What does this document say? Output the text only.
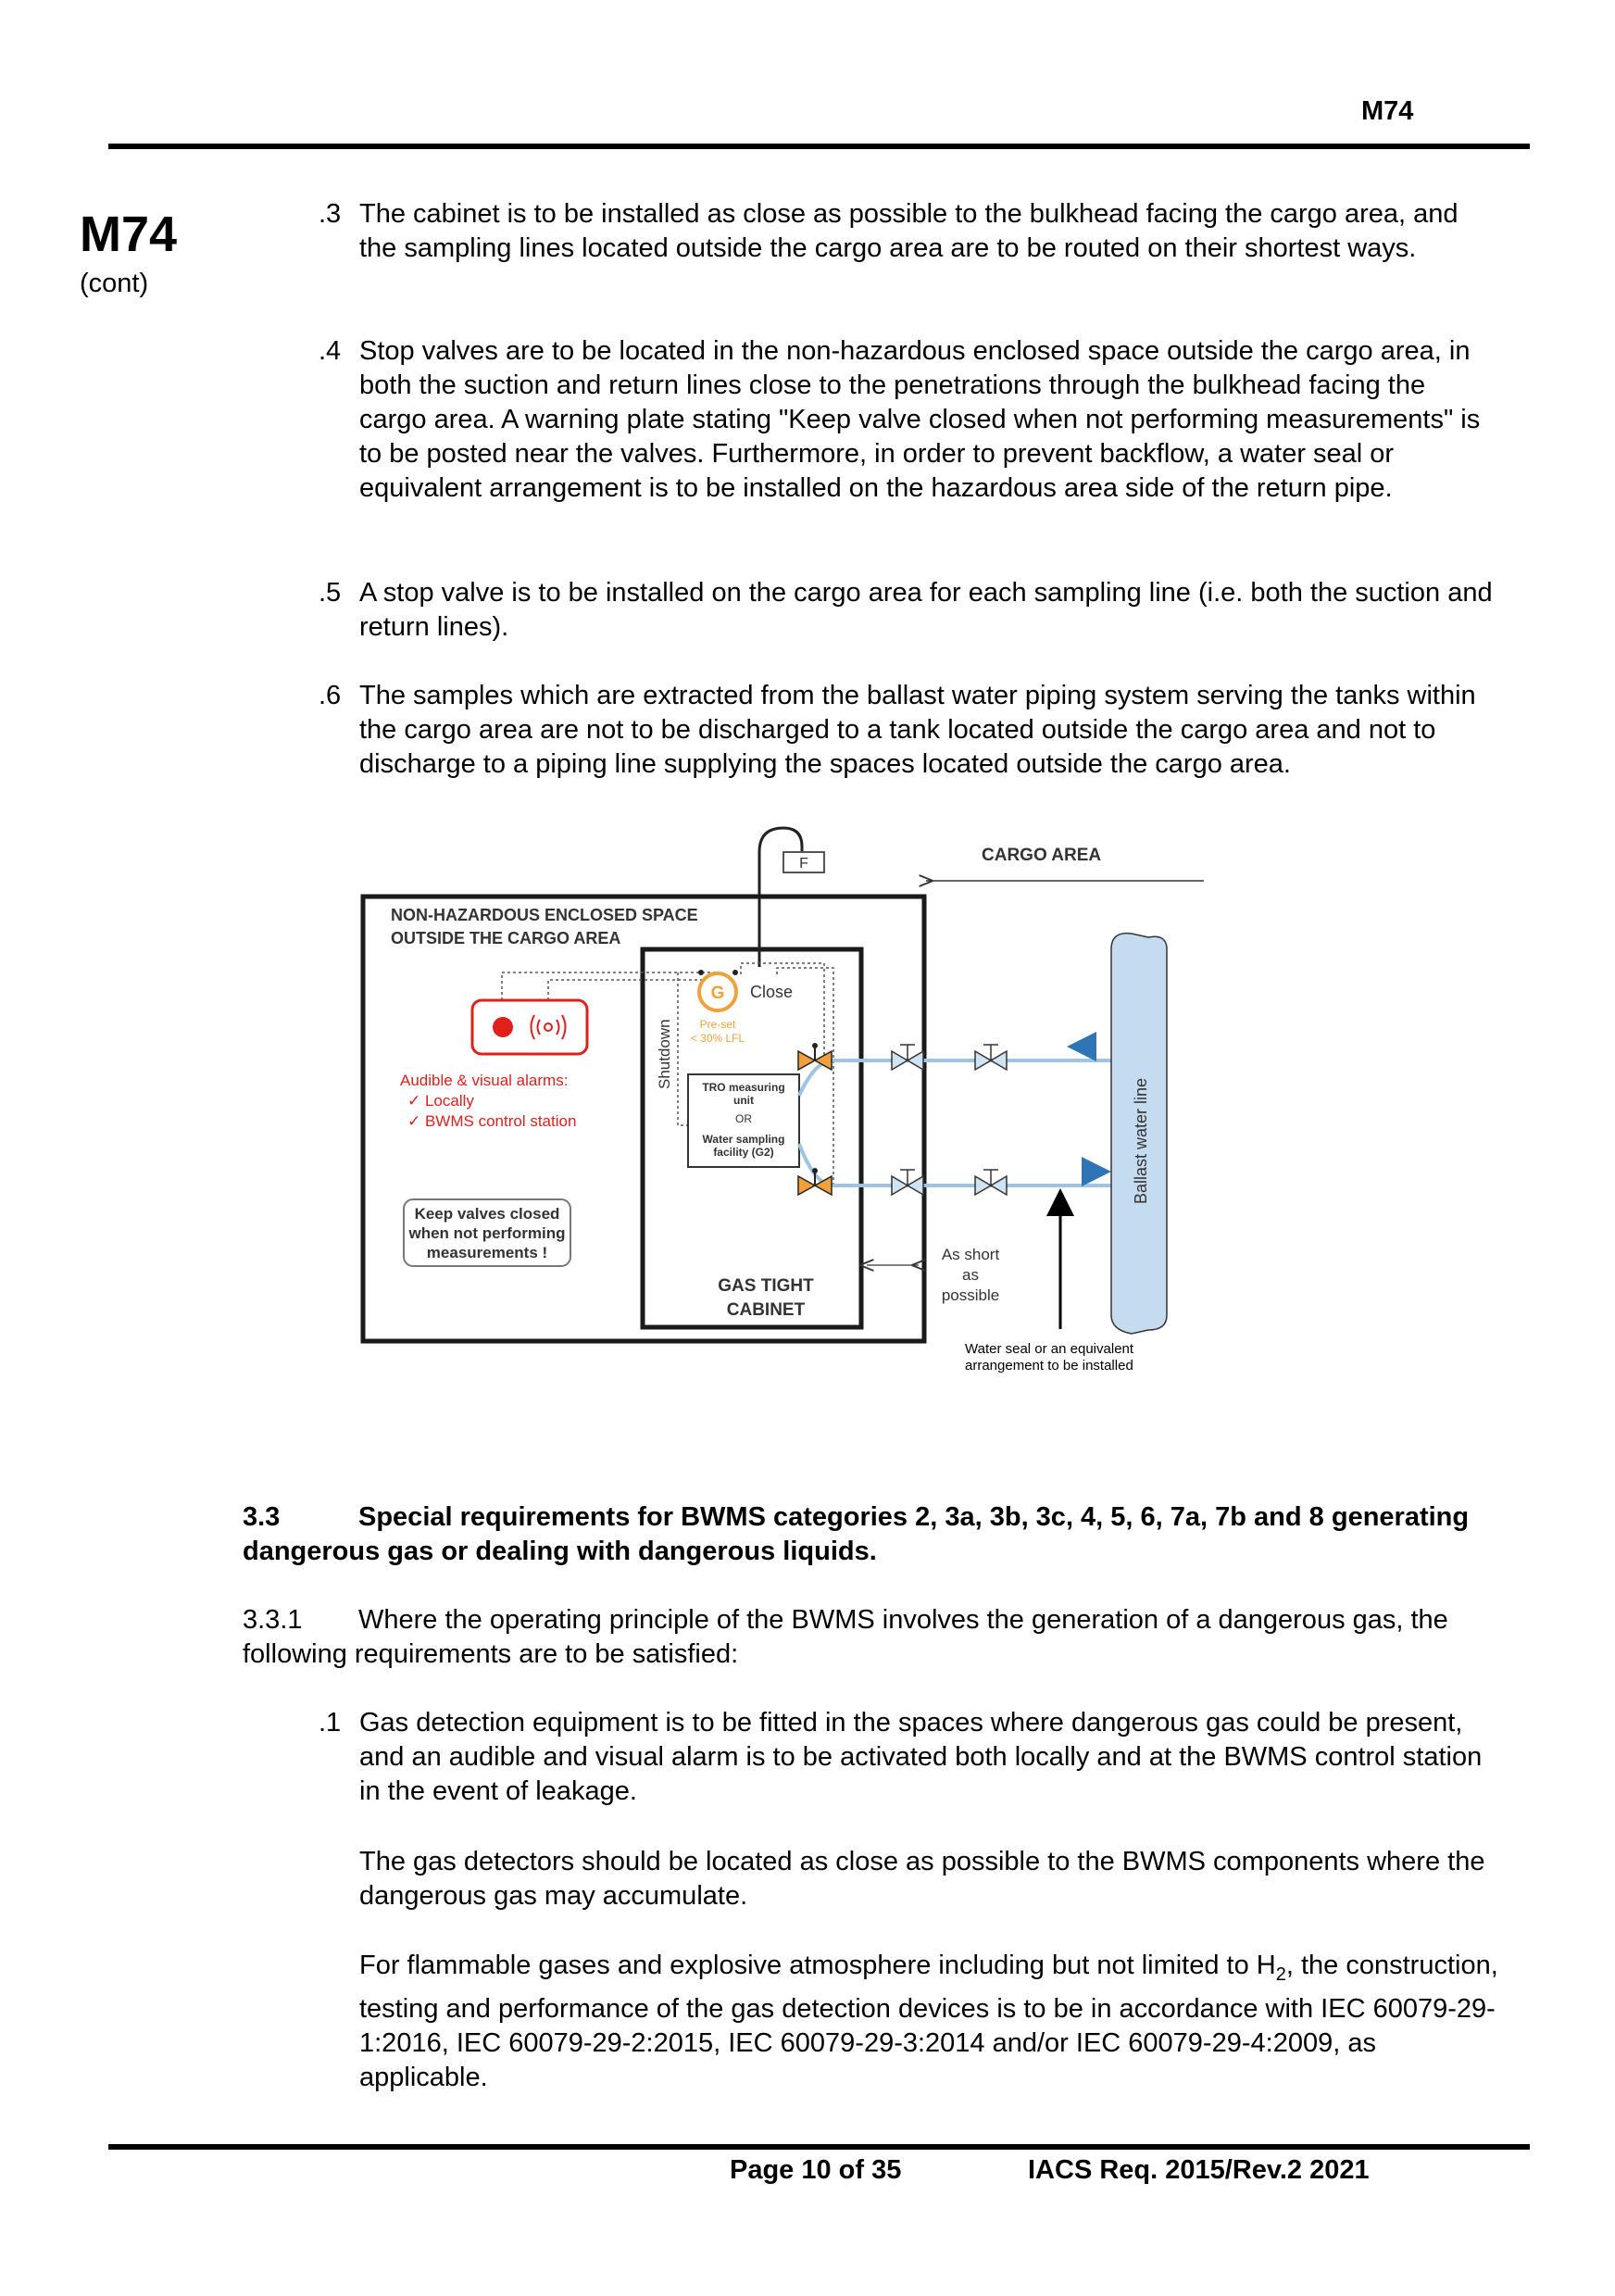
M74
M74
(cont)
.3 The cabinet is to be installed as close as possible to the bulkhead facing the cargo area, and the sampling lines located outside the cargo area are to be routed on their shortest ways.
.4 Stop valves are to be located in the non-hazardous enclosed space outside the cargo area, in both the suction and return lines close to the penetrations through the bulkhead facing the cargo area. A warning plate stating "Keep valve closed when not performing measurements" is to be posted near the valves. Furthermore, in order to prevent backflow, a water seal or equivalent arrangement is to be installed on the hazardous area side of the return pipe.
.5 A stop valve is to be installed on the cargo area for each sampling line (i.e. both the suction and return lines).
.6 The samples which are extracted from the ballast water piping system serving the tanks within the cargo area are not to be discharged to a tank located outside the cargo area and not to discharge to a piping line supplying the spaces located outside the cargo area.
F	CARGO AREA
NON-HAZARDOUS ENCLOSED SPACE
OUTSIDE THE CARGO AREA
Audible & visual alarms:
✓ Locally
✓ BWMS control station
G Close
Pre-set
< 30% LFL
Shutdown	TRO measuring
unit
OR
Water sampling
facility (G2)	Ballast water line
Water seal or an equivalent
arrangement to be installed
Keep valves closed
when not performing
measurements !
GAS TIGHT
CABINET
As short
as
possible
3.3	Special requirements for BWMS categories 2, 3a, 3b, 3c, 4, 5, 6, 7a, 7b and 8 generating dangerous gas or dealing with dangerous liquids.
3.3.1 Where the operating principle of the BWMS involves the generation of a dangerous gas, the following requirements are to be satisfied:
.1 Gas detection equipment is to be fitted in the spaces where dangerous gas could be present, and an audible and visual alarm is to be activated both locally and at the BWMS control station in the event of leakage.
The gas detectors should be located as close as possible to the BWMS components where the dangerous gas may accumulate.
For flammable gases and explosive atmosphere including but not limited to $H_2$, the construction, testing and performance of the gas detection devices is to be in accordance with IEC 60079-29-1:2016, IEC 60079-29-2:2015, IEC 60079-29-3:2014 and/or IEC 60079-29-4:2009, as applicable.
Page 10 of 35	IACS Req. 2015/Rev.2 2021
